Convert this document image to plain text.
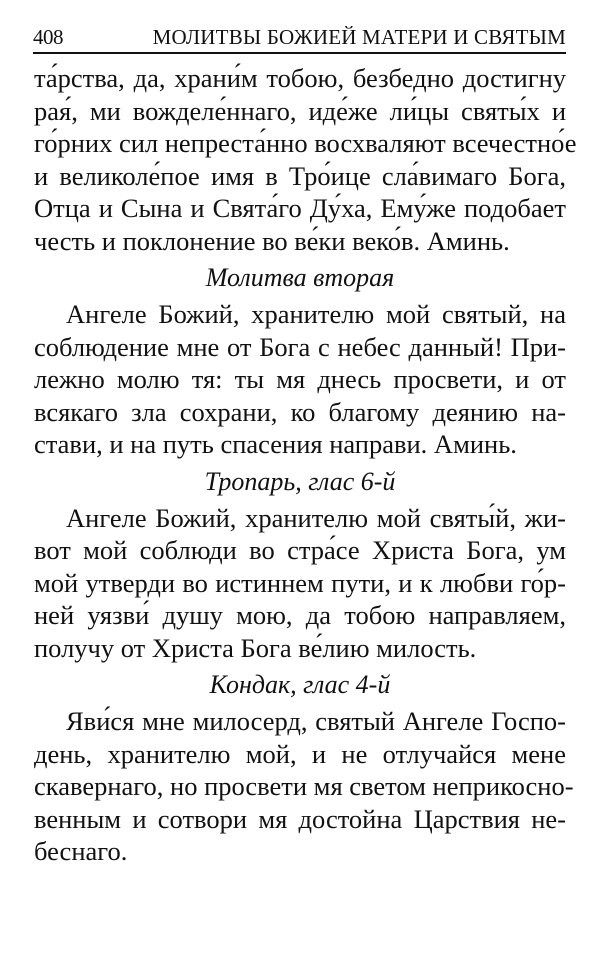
408	МОЛИТВЫ БОЖИЕЙ МАТЕРИ И СВЯТЫМ
та́рства, да, храни́м тобою, безбедно достигну
рая́, ми вожделе́ннаго, иде́же ли́цы святы́х и
го́рних сил непреста́нно восхваляют всечестно́е
и великоле́пое имя в Тро́ице сла́вимаго Бога,
Отца и Сына и Свята́го Ду́ха, Ему́же подобает
честь и поклонение во ве́ки веко́в. Аминь.
Молитва вторая
Ангеле Божий, хранителю мой святый, на
соблюдение мне от Бога с небес данный! При-
лежно молю тя: ты мя днесь просвети, и от
всякаго зла сохрани, ко благому деянию на-
стави, и на путь спасения направи. Аминь.
Тропарь, глас 6-й
Ангеле Божий, хранителю мой святы́й, жи-
вот мой соблюди во стра́се Христа Бога, ум
мой утверди во истиннем пути, и к любви го́р-
ней уязви́ душу мою, да тобою направляем,
получу от Христа Бога ве́лию милость.
Кондак, глас 4-й
Яви́ся мне милосерд, святый Ангеле Госпо-
день, хранителю мой, и не отлучайся мене
скавернаго, но просвети мя светом неприкосно-
венным и сотвори мя достойна Царствия не-
беснаго.
